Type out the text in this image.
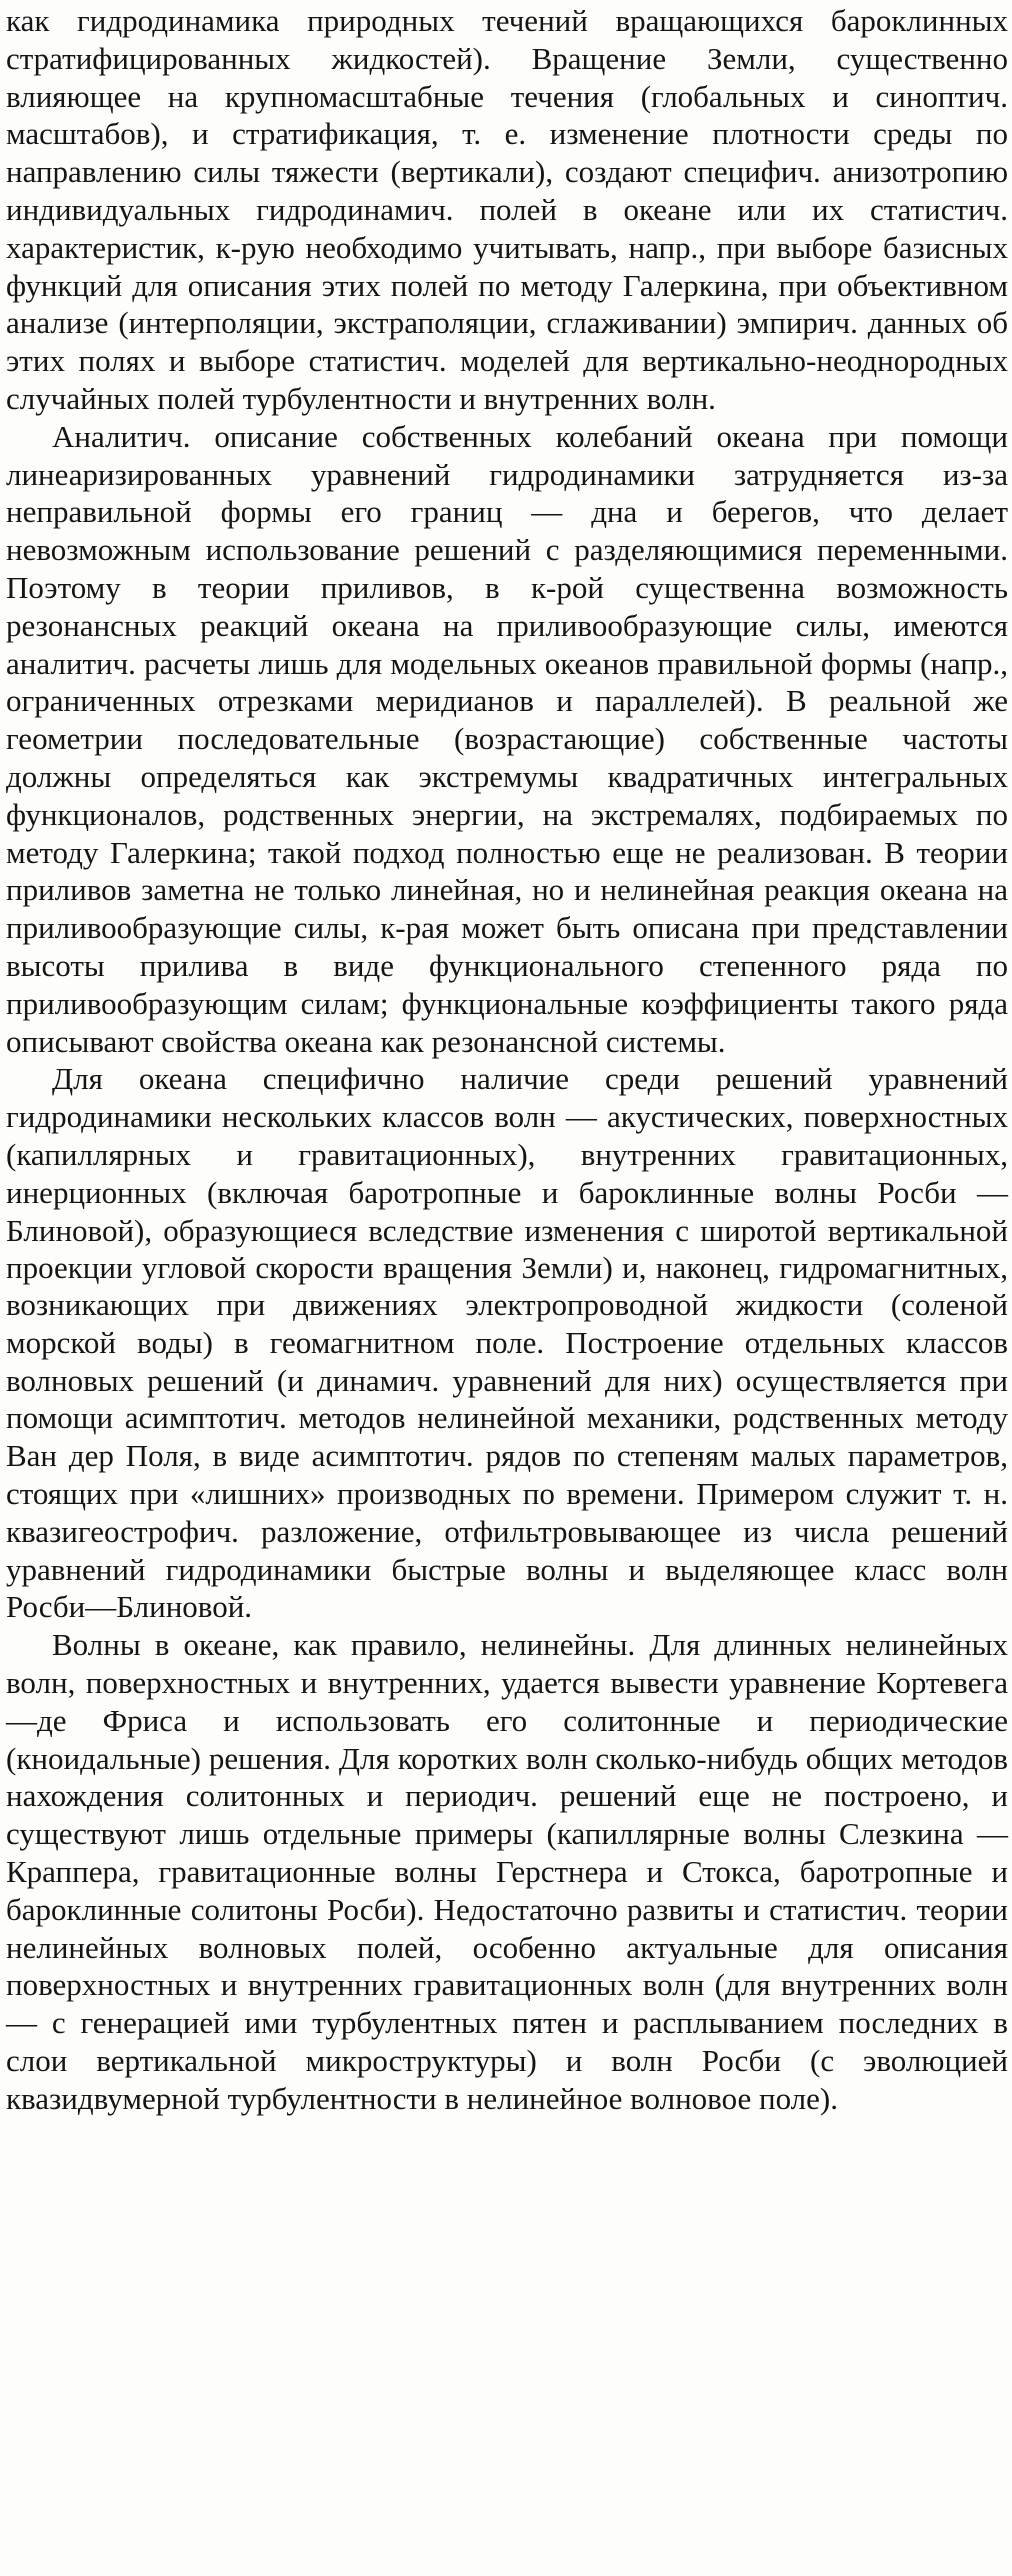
как гидродинамика природных течений вращающихся бароклинных стратифицированных жидкостей). Вращение Земли, существенно влияющее на крупномасштабные течения (глобальных и синоптич. масштабов), и стратификация, т. е. изменение плотности среды по направлению силы тяжести (вертикали), создают специфич. анизотропию индивидуальных гидродинамич. полей в океане или их статистич. характеристик, к-рую необходимо учитывать, напр., при выборе базисных функций для описания этих полей по методу Галеркина, при объективном анализе (интерполяции, экстраполяции, сглаживании) эмпирич. данных об этих полях и выборе статистич. моделей для вертикально-неоднородных случайных полей турбулентности и внутренних волн.

Аналитич. описание собственных колебаний океана при помощи линеаризированных уравнений гидродинамики затрудняется из-за неправильной формы его границ — дна и берегов, что делает невозможным использование решений с разделяющимися переменными. Поэтому в теории приливов, в к-рой существенна возможность резонансных реакций океана на приливообразующие силы, имеются аналитич. расчеты лишь для модельных океанов правильной формы (напр., ограниченных отрезками меридианов и параллелей). В реальной же геометрии последовательные (возрастающие) собственные частоты должны определяться как экстремумы квадратичных интегральных функционалов, родственных энергии, на экстремалях, подбираемых по методу Галеркина; такой подход полностью еще не реализован. В теории приливов заметна не только линейная, но и нелинейная реакция океана на приливообразующие силы, к-рая может быть описана при представлении высоты прилива в виде функционального степенного ряда по приливообразующим силам; функциональные коэффициенты такого ряда описывают свойства океана как резонансной системы.

Для океана специфично наличие среди решений уравнений гидродинамики нескольких классов волн — акустических, поверхностных (капиллярных и гравитационных), внутренних гравитационных, инерционных (включая баротропные и бароклинные волны Росби — Блиновой), образующиеся вследствие изменения с широтой вертикальной проекции угловой скорости вращения Земли) и, наконец, гидромагнитных, возникающих при движениях электропроводной жидкости (соленой морской воды) в геомагнитном поле. Построение отдельных классов волновых решений (и динамич. уравнений для них) осуществляется при помощи асимптотич. методов нелинейной механики, родственных методу Ван дер Поля, в виде асимптотич. рядов по степеням малых параметров, стоящих при «лишних» производных по времени. Примером служит т. н. квазигеострофич. разложение, отфильтровывающее из числа решений уравнений гидродинамики быстрые волны и выделяющее класс волн Росби—Блиновой.

Волны в океане, как правило, нелинейны. Для длинных нелинейных волн, поверхностных и внутренних, удается вывести уравнение Кортевега—де Фриса и использовать его солитонные и периодические (кноидальные) решения. Для коротких волн сколько-нибудь общих методов нахождения солитонных и периодич. решений еще не построено, и существуют лишь отдельные примеры (капиллярные волны Слезкина — Краппера, гравитационные волны Герстнера и Стокса, баротропные и бароклинные солитоны Росби). Недостаточно развиты и статистич. теории нелинейных волновых полей, особенно актуальные для описания поверхностных и внутренних гравитационных волн (для внутренних волн — с генерацией ими турбулентных пятен и расплыванием последних в слои вертикальной микроструктуры) и волн Росби (с эволюцией квазидвумерной турбулентности в нелинейное волновое поле).
